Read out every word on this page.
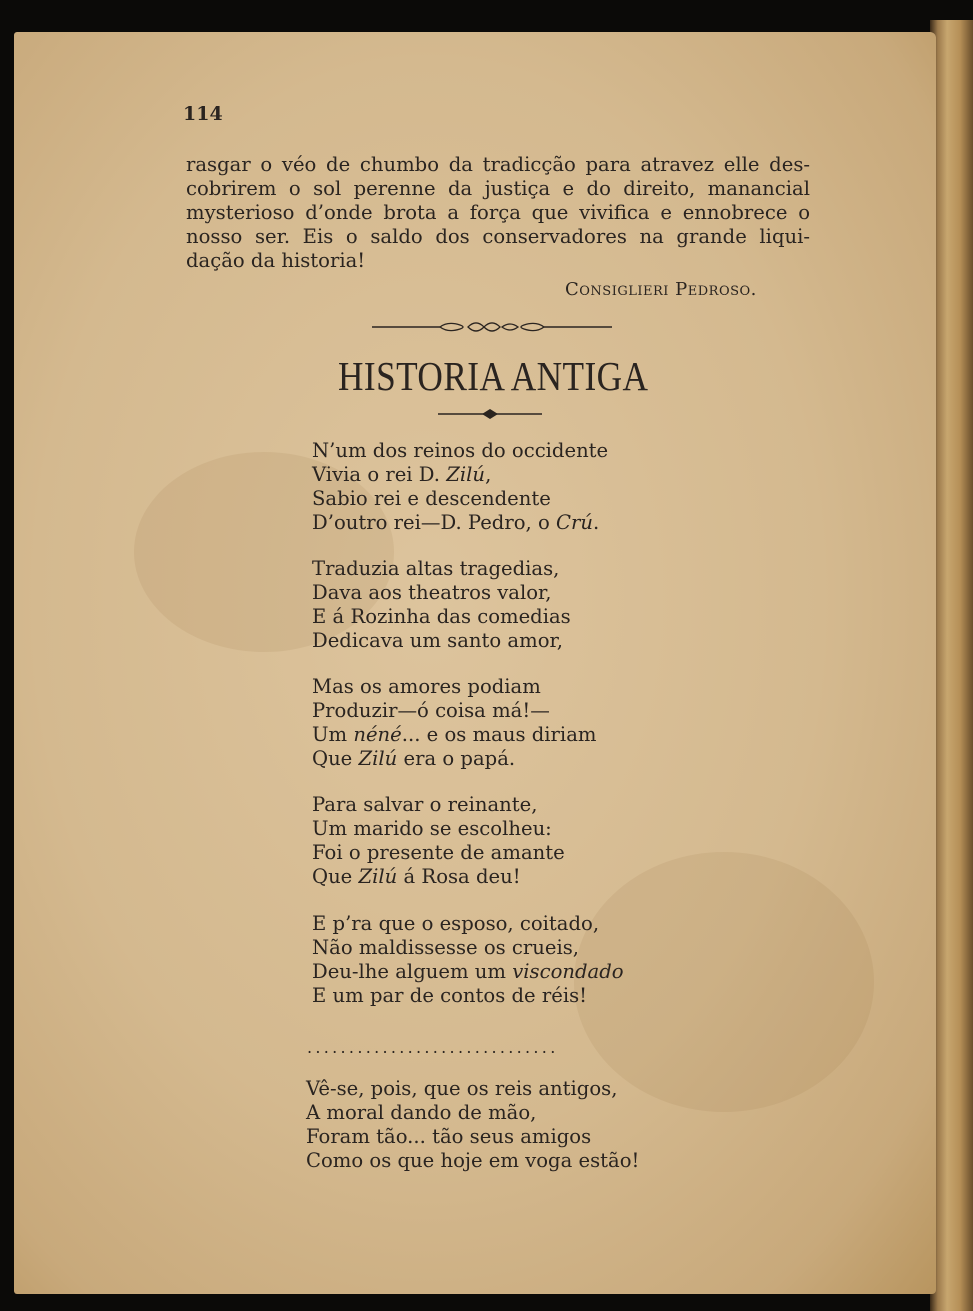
114
rasgar o véo de chumbo da tradicção para atravez elle des-
cobrirem o sol perenne da justiça e do direito, manancial
mysterioso d’onde brota a força que vivifica e ennobrece o
nosso ser. Eis o saldo dos conservadores na grande liqui-
dação da historia!
Consiglieri Pedroso.
HISTORIA ANTIGA
N’um dos reinos do occidente
Vivia o rei D. Zilú,
Sabio rei e descendente
D’outro rei—D. Pedro, o Crú.
Traduzia altas tragedias,
Dava aos theatros valor,
E á Rozinha das comedias
Dedicava um santo amor,
Mas os amores podiam
Produzir—ó coisa má!—
Um néné... e os maus diriam
Que Zilú era o papá.
Para salvar o reinante,
Um marido se escolheu:
Foi o presente de amante
Que Zilú á Rosa deu!
E p’ra que o esposo, coitado,
Não maldissesse os crueis,
Deu-lhe alguem um viscondado
E um par de contos de réis!
..............................
Vê-se, pois, que os reis antigos,
A moral dando de mão,
Foram tão... tão seus amigos
Como os que hoje em voga estão!
